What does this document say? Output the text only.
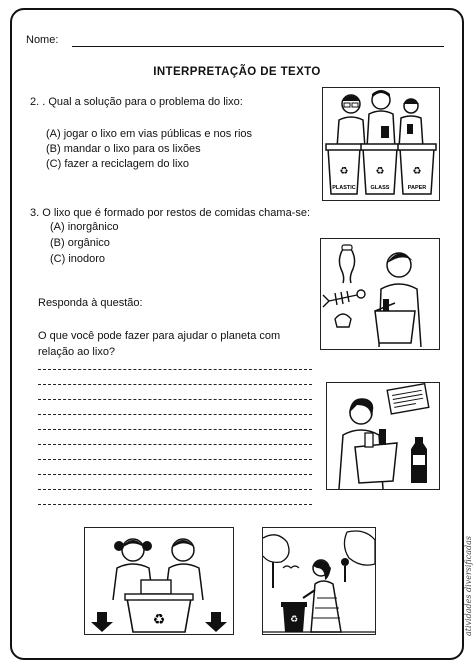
Nome:
INTERPRETAÇÃO DE TEXTO
2. . Qual a solução para o problema do lixo:
(A) jogar o lixo em vias públicas e nos rios
(B) mandar o lixo para os lixões
(C) fazer a reciclagem do lixo
3. O lixo que é formado por restos de comidas chama-se:
(A) inorgânico
(B) orgânico
(C) inodoro
Responda à questão:
O que você pode fazer para ajudar o planeta com
relação ao lixo?
♻	♻	♻
PLASTIC	GLASS	PAPER
♻	♻	atividades diversificadas
